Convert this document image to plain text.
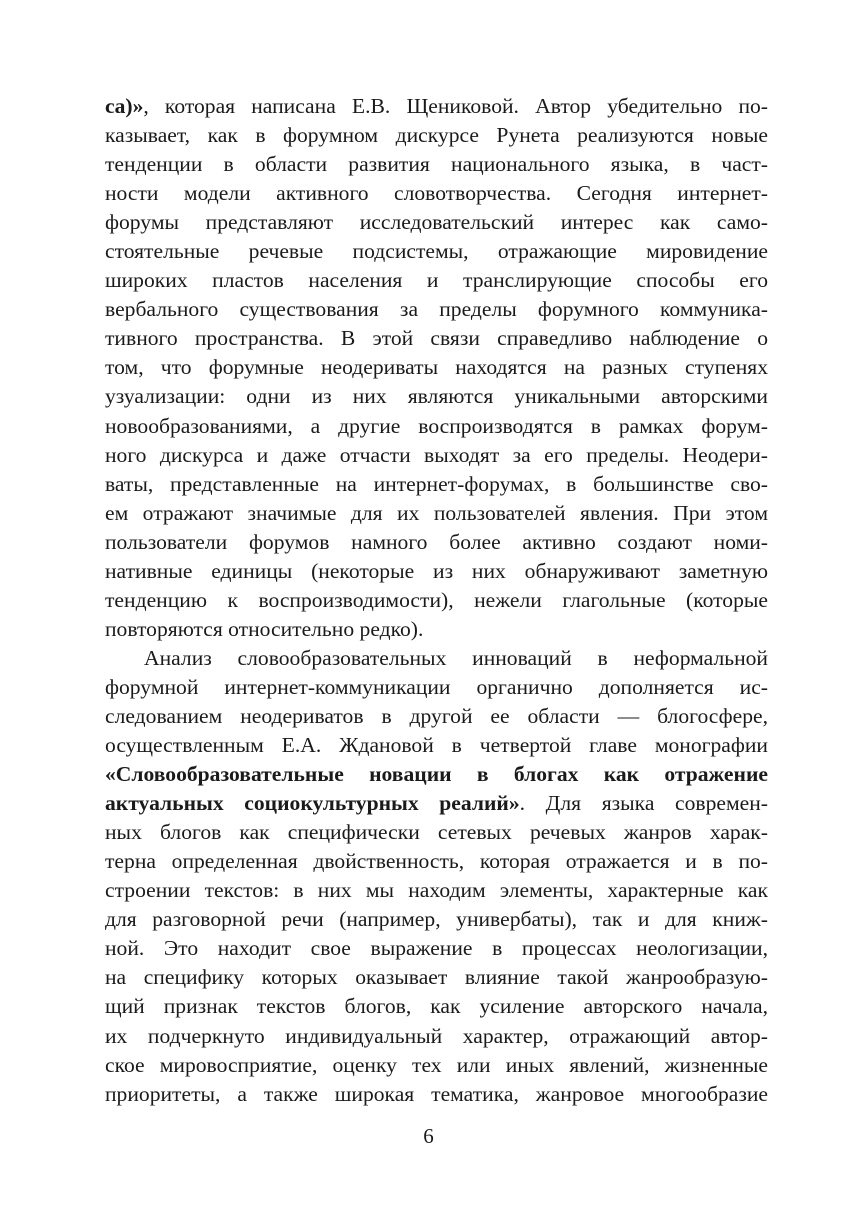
ca)», которая написана Е.В. Щениковой. Автор убедительно по-
казывает, как в форумном дискурсе Рунета реализуются новые
тенденции в области развития национального языка, в част-
ности модели активного словотворчества. Сегодня интернет-
форумы представляют исследовательский интерес как само-
стоятельные речевые подсистемы, отражающие мировидение
широких пластов населения и транслирующие способы его
вербального существования за пределы форумного коммуника-
тивного пространства. В этой связи справедливо наблюдение о
том, что форумные неодериваты находятся на разных ступенях
узуализации: одни из них являются уникальными авторскими
новообразованиями, а другие воспроизводятся в рамках форум-
ного дискурса и даже отчасти выходят за его пределы. Неодери-
ваты, представленные на интернет-форумах, в большинстве сво-
ем отражают значимые для их пользователей явления. При этом
пользователи форумов намного более активно создают номи-
нативные единицы (некоторые из них обнаруживают заметную
тенденцию к воспроизводимости), нежели глагольные (которые
повторяются относительно редко).
Анализ словообразовательных инноваций в неформальной
форумной интернет-коммуникации органично дополняется ис-
следованием неодериватов в другой ее области — блогосфере,
осуществленным Е.А. Ждановой в четвертой главе монографии
«Словообразовательные новации в блогах как отражение
актуальных социокультурных реалий». Для языка современ-
ных блогов как специфически сетевых речевых жанров харак-
терна определенная двойственность, которая отражается и в по-
строении текстов: в них мы находим элементы, характерные как
для разговорной речи (например, универбаты), так и для книж-
ной. Это находит свое выражение в процессах неологизации,
на специфику которых оказывает влияние такой жанрообразую-
щий признак текстов блогов, как усиление авторского начала,
их подчеркнуто индивидуальный характер, отражающий автор-
ское мировосприятие, оценку тех или иных явлений, жизненные
приоритеты, а также широкая тематика, жанровое многообразие
6
